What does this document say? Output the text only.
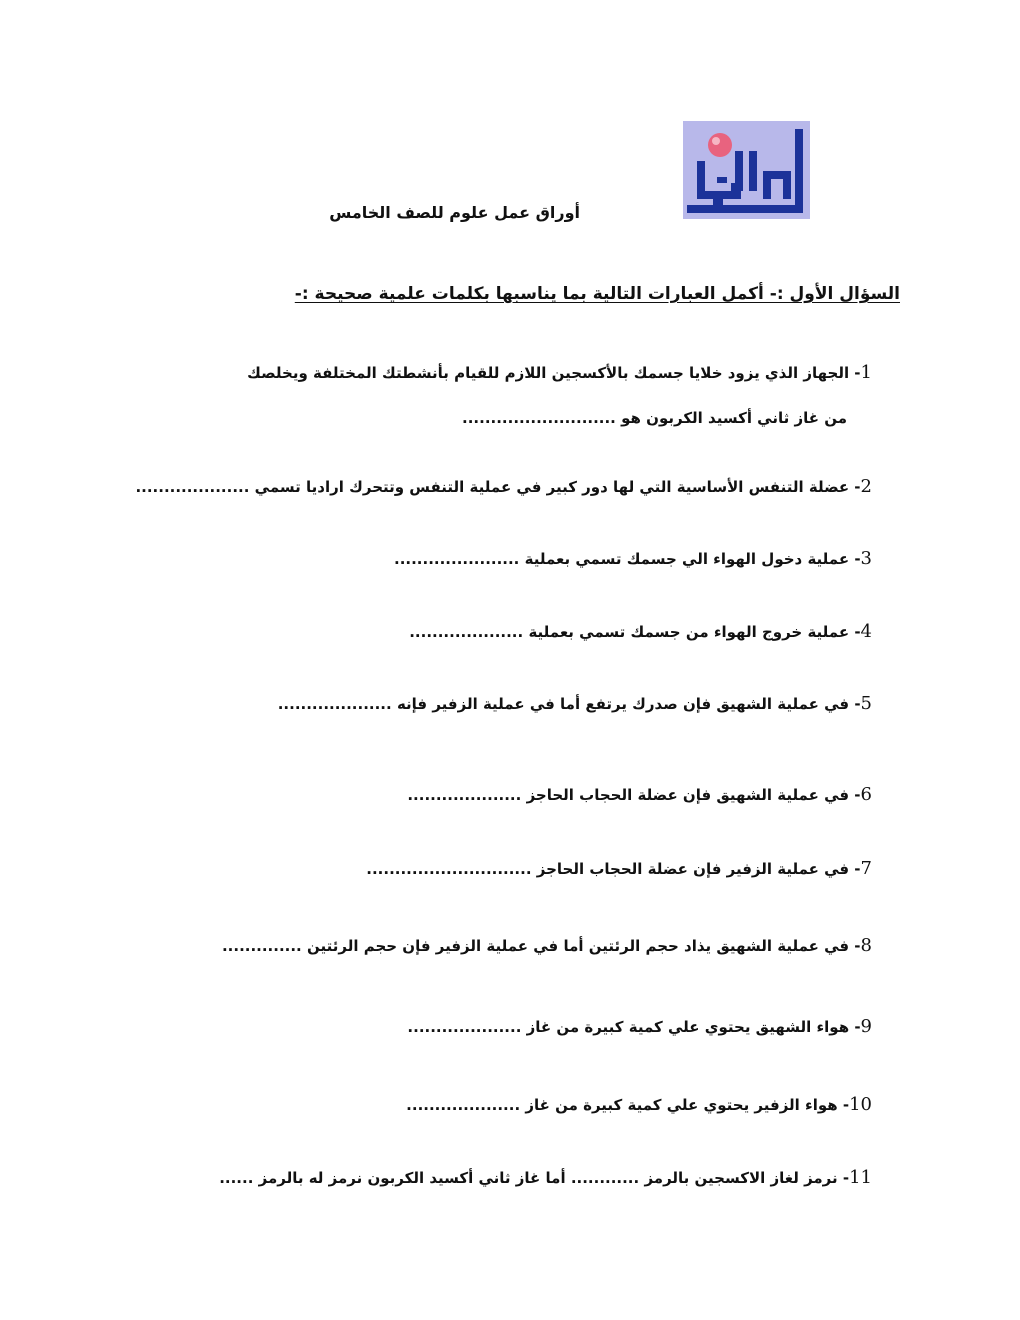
أوراق عمل علوم للصف الخامس
السؤال الأول :- أكمل العبارات التالية بما يناسبها بكلمات علمية صحيحة :-
1- الجهاز الذي يزود خلايا جسمك بالأكسجين اللازم للقيام بأنشطتك المختلفة ويخلصك
من غاز ثاني أكسيد الكربون هو ...........................
2- عضلة التنفس الأساسية التي لها دور كبير في عملية التنفس وتتحرك اراديا تسمي ....................
3- عملية دخول الهواء الي جسمك تسمي بعملية ......................
4- عملية خروج الهواء من جسمك تسمي بعملية ....................
5- في عملية الشهيق فإن صدرك يرتفع أما في عملية الزفير فإنه ....................
6- في عملية الشهيق فإن عضلة الحجاب الحاجز ....................
7- في عملية الزفير فإن عضلة الحجاب الحاجز .............................
8- في عملية الشهيق يذاد حجم الرئتين أما في عملية الزفير فإن حجم الرئتين ..............
9- هواء الشهيق يحتوي علي كمية كبيرة من غاز ....................
10- هواء الزفير يحتوي علي كمية كبيرة من غاز ....................
11- نرمز لغاز الاكسجين بالرمز ............ أما غاز ثاني أكسيد الكربون نرمز له بالرمز ......
